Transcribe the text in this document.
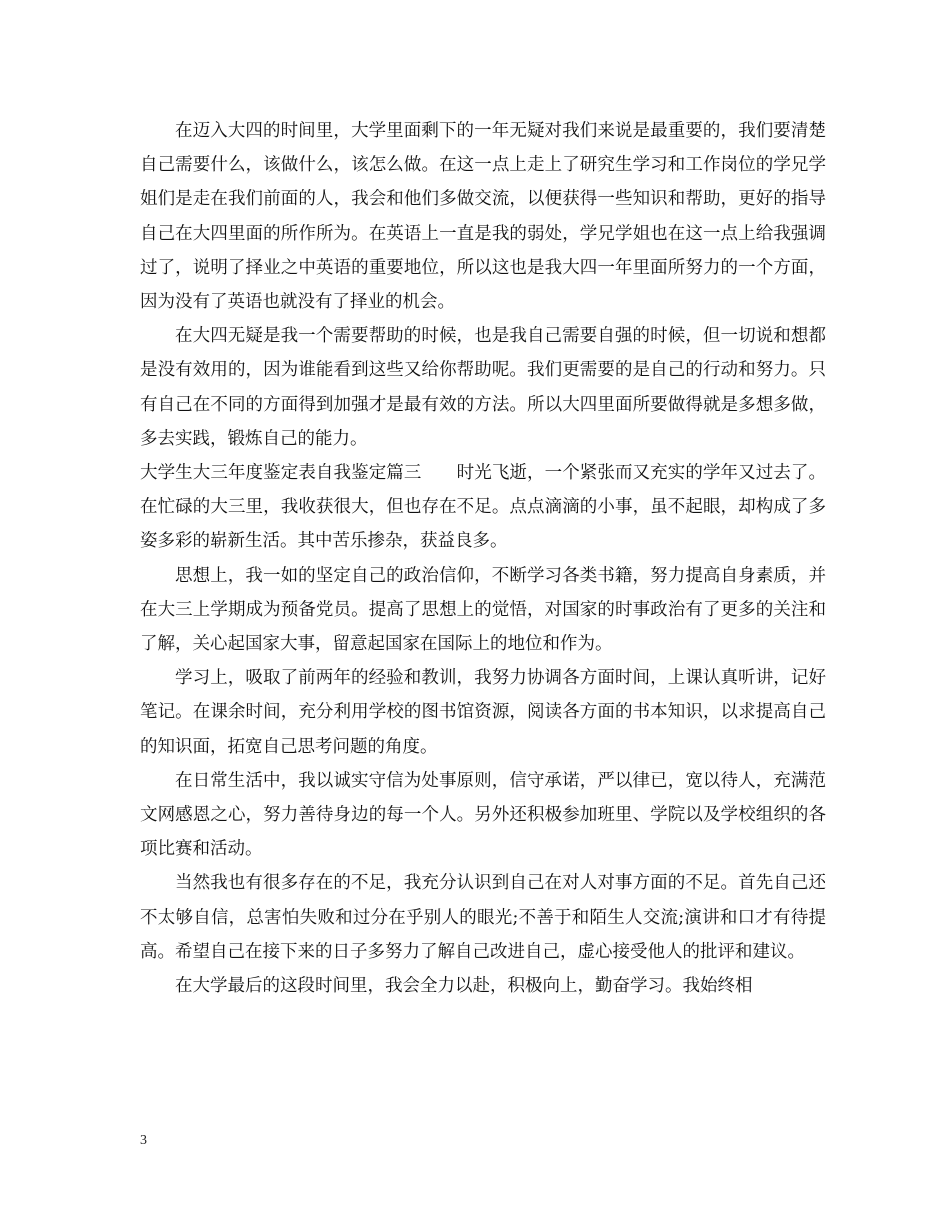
在迈入大四的时间里，大学里面剩下的一年无疑对我们来说是最重要的，我们要清楚自己需要什么，该做什么，该怎么做。在这一点上走上了研究生学习和工作岗位的学兄学姐们是走在我们前面的人，我会和他们多做交流，以便获得一些知识和帮助，更好的指导自己在大四里面的所作所为。在英语上一直是我的弱处，学兄学姐也在这一点上给我强调过了，说明了择业之中英语的重要地位，所以这也是我大四一年里面所努力的一个方面，因为没有了英语也就没有了择业的机会。

在大四无疑是我一个需要帮助的时候，也是我自己需要自强的时候，但一切说和想都是没有效用的，因为谁能看到这些又给你帮助呢。我们更需要的是自己的行动和努力。只有自己在不同的方面得到加强才是最有效的方法。所以大四里面所要做得就是多想多做，多去实践，锻炼自己的能力。

大学生大三年度鉴定表自我鉴定篇三　　时光飞逝，一个紧张而又充实的学年又过去了。在忙碌的大三里，我收获很大，但也存在不足。点点滴滴的小事，虽不起眼，却构成了多姿多彩的崭新生活。其中苦乐掺杂，获益良多。

思想上，我一如的坚定自己的政治信仰，不断学习各类书籍，努力提高自身素质，并在大三上学期成为预备党员。提高了思想上的觉悟，对国家的时事政治有了更多的关注和了解，关心起国家大事，留意起国家在国际上的地位和作为。

学习上，吸取了前两年的经验和教训，我努力协调各方面时间，上课认真听讲，记好笔记。在课余时间，充分利用学校的图书馆资源，阅读各方面的书本知识，以求提高自己的知识面，拓宽自己思考问题的角度。

在日常生活中，我以诚实守信为处事原则，信守承诺，严以律已，宽以待人，充满范文网感恩之心，努力善待身边的每一个人。另外还积极参加班里、学院以及学校组织的各项比赛和活动。

当然我也有很多存在的不足，我充分认识到自己在对人对事方面的不足。首先自己还不太够自信，总害怕失败和过分在乎别人的眼光;不善于和陌生人交流;演讲和口才有待提高。希望自己在接下来的日子多努力了解自己改进自己，虚心接受他人的批评和建议。

在大学最后的这段时间里，我会全力以赴，积极向上，勤奋学习。我始终相

3
